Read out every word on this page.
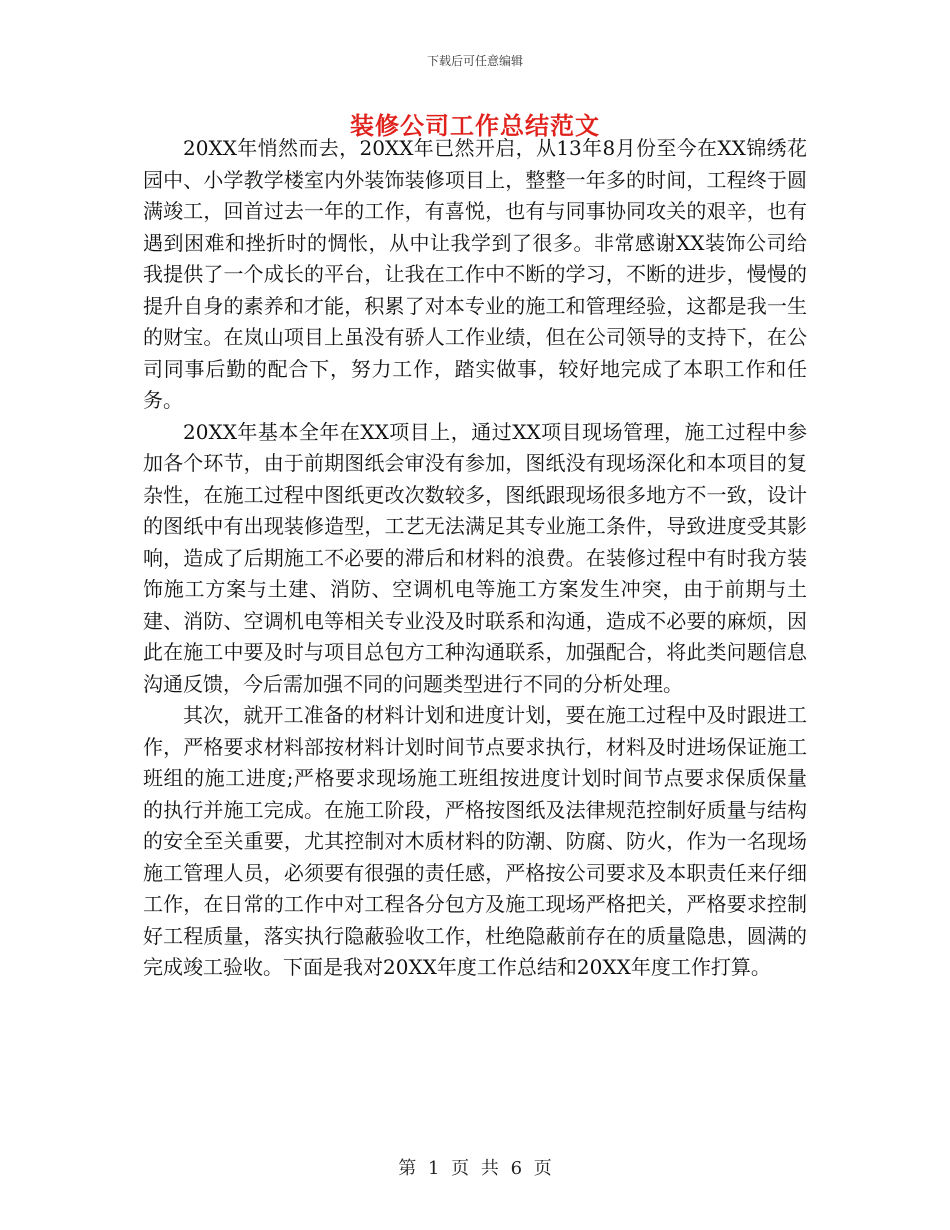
下载后可任意编辑
装修公司工作总结范文

20XX年悄然而去，20XX年已然开启，从13年8月份至今在XX锦绣花园中、小学教学楼室内外装饰装修项目上，整整一年多的时间，工程终于圆满竣工，回首过去一年的工作，有喜悦，也有与同事协同攻关的艰辛，也有遇到困难和挫折时的惆怅，从中让我学到了很多。非常感谢XX装饰公司给我提供了一个成长的平台，让我在工作中不断的学习，不断的进步，慢慢的提升自身的素养和才能，积累了对本专业的施工和管理经验，这都是我一生的财宝。在岚山项目上虽没有骄人工作业绩，但在公司领导的支持下，在公司同事后勤的配合下，努力工作，踏实做事，较好地完成了本职工作和任务。

20XX年基本全年在XX项目上，通过XX项目现场管理，施工过程中参加各个环节，由于前期图纸会审没有参加，图纸没有现场深化和本项目的复杂性，在施工过程中图纸更改次数较多，图纸跟现场很多地方不一致，设计的图纸中有出现装修造型，工艺无法满足其专业施工条件，导致进度受其影响，造成了后期施工不必要的滞后和材料的浪费。在装修过程中有时我方装饰施工方案与土建、消防、空调机电等施工方案发生冲突，由于前期与土建、消防、空调机电等相关专业没及时联系和沟通，造成不必要的麻烦，因此在施工中要及时与项目总包方工种沟通联系，加强配合，将此类问题信息沟通反馈，今后需加强不同的问题类型进行不同的分析处理。

其次，就开工准备的材料计划和进度计划，要在施工过程中及时跟进工作，严格要求材料部按材料计划时间节点要求执行，材料及时进场保证施工班组的施工进度;严格要求现场施工班组按进度计划时间节点要求保质保量的执行并施工完成。在施工阶段，严格按图纸及法律规范控制好质量与结构的安全至关重要，尤其控制对木质材料的防潮、防腐、防火，作为一名现场施工管理人员，必须要有很强的责任感，严格按公司要求及本职责任来仔细工作，在日常的工作中对工程各分包方及施工现场严格把关，严格要求控制好工程质量，落实执行隐蔽验收工作，杜绝隐蔽前存在的质量隐患，圆满的完成竣工验收。下面是我对20XX年度工作总结和20XX年度工作打算。

第 1 页 共 6 页
